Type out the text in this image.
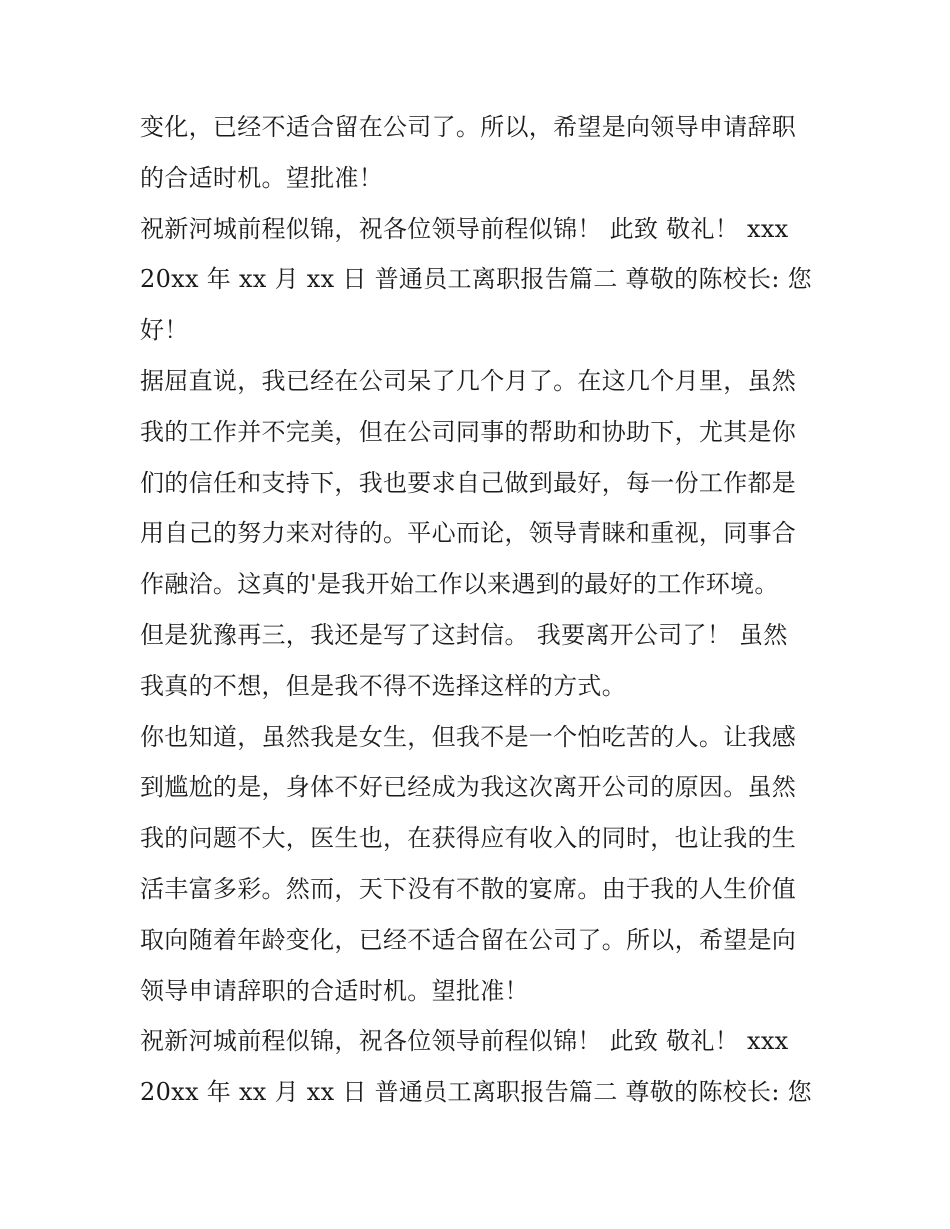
变化，已经不适合留在公司了。所以，希望是向领导申请辞职
的合适时机。望批准！
祝新河城前程似锦，祝各位领导前程似锦！ 此致 敬礼！ xxx
20xx 年 xx 月 xx 日 普通员工离职报告篇二 尊敬的陈校长: 您
好！
据屈直说，我已经在公司呆了几个月了。在这几个月里，虽然
我的工作并不完美，但在公司同事的帮助和协助下，尤其是你
们的信任和支持下，我也要求自己做到最好，每一份工作都是
用自己的努力来对待的。平心而论，领导青睐和重视，同事合
作融洽。这真的'是我开始工作以来遇到的最好的工作环境。
但是犹豫再三，我还是写了这封信。 我要离开公司了！ 虽然
我真的不想，但是我不得不选择这样的方式。
你也知道，虽然我是女生，但我不是一个怕吃苦的人。让我感
到尴尬的是，身体不好已经成为我这次离开公司的原因。虽然
我的问题不大，医生也，在获得应有收入的同时，也让我的生
活丰富多彩。然而，天下没有不散的宴席。由于我的人生价值
取向随着年龄变化，已经不适合留在公司了。所以，希望是向
领导申请辞职的合适时机。望批准！
祝新河城前程似锦，祝各位领导前程似锦！ 此致 敬礼！ xxx
20xx 年 xx 月 xx 日 普通员工离职报告篇二 尊敬的陈校长: 您
